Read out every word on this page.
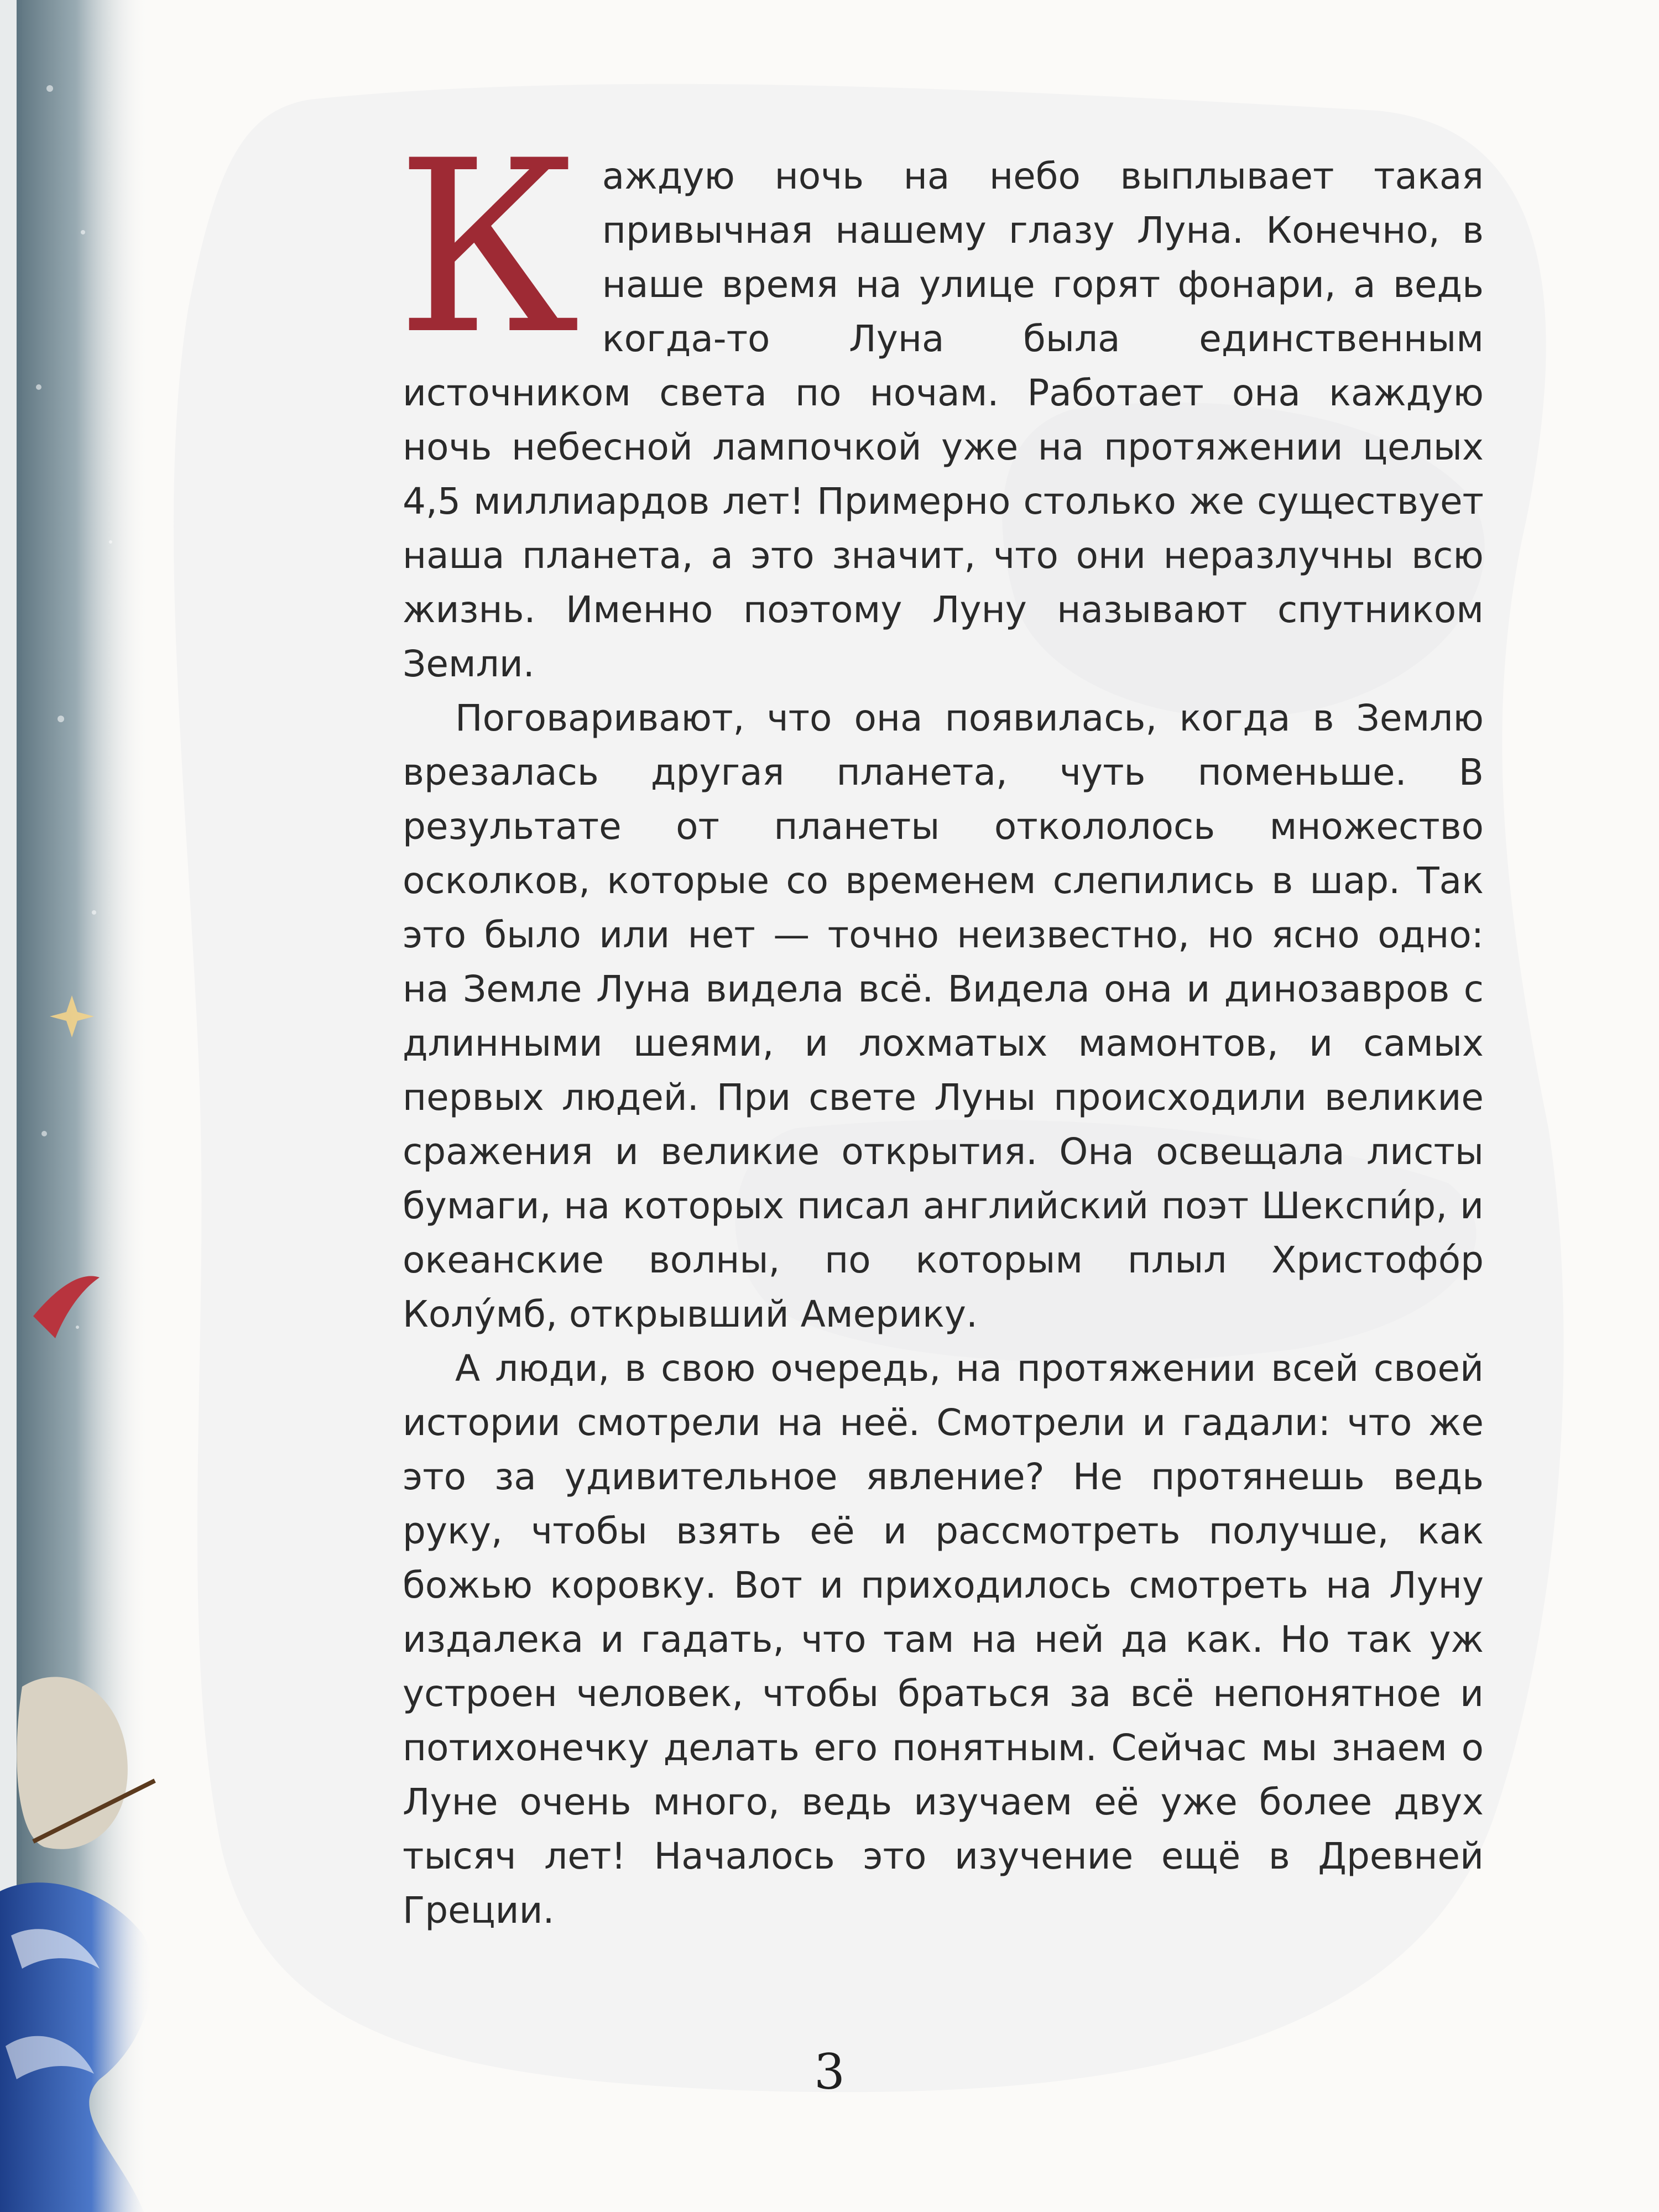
Каждую ночь на небо выплывает такая привычная нашему глазу Луна. Конечно, в наше время на улице горят фонари, а ведь когда-то Луна была единственным источником света по ночам. Работает она каждую ночь небесной лампочкой уже на протяжении целых 4,5 миллиардов лет! Примерно столько же существует наша планета, а это значит, что они неразлучны всю жизнь. Именно поэтому Луну называют спутником Земли.

Поговаривают, что она появилась, когда в Землю врезалась другая планета, чуть поменьше. В результате от планеты откололось множество осколков, которые со временем слепились в шар. Так это было или нет — точно неизвестно, но ясно одно: на Земле Луна видела всё. Видела она и динозавров с длинными шеями, и лохматых мамонтов, и самых первых людей. При свете Луны происходили великие сражения и великие открытия. Она освещала листы бумаги, на которых писал английский поэт Шекспи́р, и океанские волны, по которым плыл Христофо́р Колу́мб, открывший Америку.

А люди, в свою очередь, на протяжении всей своей истории смотрели на неё. Смотрели и гадали: что же это за удивительное явление? Не протянешь ведь руку, чтобы взять её и рассмотреть получше, как божью коровку. Вот и приходилось смотреть на Луну издалека и гадать, что там на ней да как. Но так уж устроен человек, чтобы браться за всё непонятное и потихонечку делать его понятным. Сейчас мы знаем о Луне очень много, ведь изучаем её уже более двух тысяч лет! Началось это изучение ещё в Древней Греции.

3
